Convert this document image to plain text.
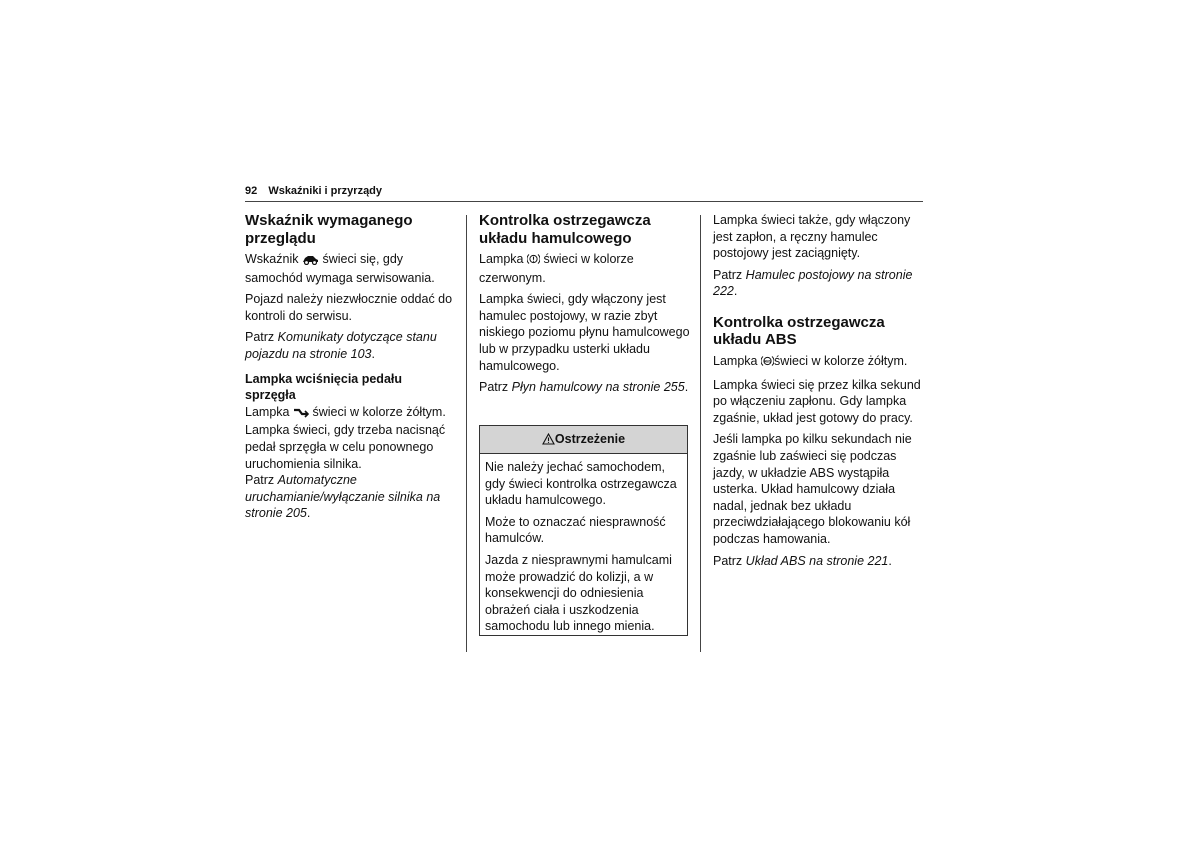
92 Wskaźniki i przyrządy
Wskaźnik wymaganego przeglądu

Wskaźnik świeci się, gdy samochód wymaga serwisowania.

Pojazd należy niezwłocznie oddać do kontroli do serwisu.

Patrz Komunikaty dotyczące stanu pojazdu na stronie 103.

Lampka wciśnięcia pedału sprzęgła
Lampka świeci w kolorze żółtym.
Lampka świeci, gdy trzeba nacisnąć pedał sprzęgła w celu ponownego uruchomienia silnika.
Patrz Automatyczne uruchamianie/wyłączanie silnika na stronie 205.
Kontrolka ostrzegawcza układu hamulcowego

Lampka świeci w kolorze czerwonym.

Lampka świeci, gdy włączony jest hamulec postojowy, w razie zbyt niskiego poziomu płynu hamulcowego lub w przypadku usterki układu hamulcowego.

Patrz Płyn hamulcowy na stronie 255.

Ostrzeżenie

Nie należy jechać samochodem, gdy świeci kontrolka ostrzegawcza układu hamulcowego.

Może to oznaczać niesprawność hamulców.

Jazda z niesprawnymi hamulcami może prowadzić do kolizji, a w konsekwencji do odniesienia obrażeń ciała i uszkodzenia samochodu lub innego mienia.

Lampka świeci także, gdy włączony jest zapłon, a ręczny hamulec postojowy jest zaciągnięty.

Patrz Hamulec postojowy na stronie 222.

Kontrolka ostrzegawcza układu ABS

Lampka ABS świeci w kolorze żółtym.

Lampka świeci się przez kilka sekund po włączeniu zapłonu. Gdy lampka zgaśnie, układ jest gotowy do pracy.

Jeśli lampka po kilku sekundach nie zgaśnie lub zaświeci się podczas jazdy, w układzie ABS wystąpiła usterka. Układ hamulcowy działa nadal, jednak bez układu przeciwdziałającego blokowaniu kół podczas hamowania.

Patrz Układ ABS na stronie 221.
